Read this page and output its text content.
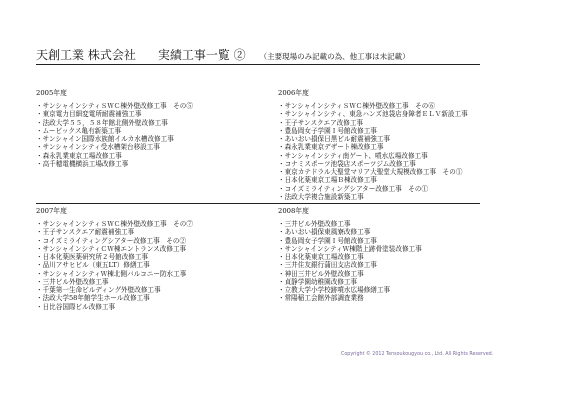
天創工業 株式会社 実績工事一覧 ② （主要現場のみ記載の為、他工事は未記載）
2005年度
・ サンシャインシティＳＷＣ棟外壁改修工事　その⑤
・ 東京電力目細変電所耐震補強工事
・ 法政大学５５，５８年館北側外壁改修工事
・ ムービックス亀有新築工事
・ サンシャイン国際水族館イルカ水槽改修工事
・ サンシャインシティ受水槽架台移設工事
・ 森永乳業東京工場改修工事
・ 高千穂電機横浜工場改修工事
2006年度
・ サンシャインシティＳＷＣ棟外壁改修工事　その⑥
・ サンシャインシティ、東急ハンズ池袋店身障者ＥＬＶ新設工事
・ 王子サンスクエア改修工事
・ 豊島岡女子学園Ｉ号館改修工事
・ あいおい損保日黒ビル耐震補強工事
・ 森永乳業東京デザート棟改修工事
・ サンシャインシティ南ゲート、噴水広場改修工事
・ コナミスポーツ池袋店スポーツジム改修工事
・ 東京カテドラル大聖堂マリア大聖堂大規模改修工事　その①
・ 日本化薬東京工場Ｂ棟改修工事
・ コイズミライティングシアター改修工事　その①
・ 法政大学複合施設新築工事
2007年度
・ サンシャインシティＳＷＣ棟外壁改修工事　その⑦
・ 王子サンスクエア耐震補強工事
・ コイズミライティングシアター改修工事　その②
・ サンシャインシティＣＷ棟エントランス改修工事
・ 日本化薬医薬研究所２号館改修工事
・ 品川アサヒビル（東五LT）修繕工事
・ サンシャインシティＷ棟北側バルコニー防水工事
・ 三井ビル外壁改修工事
・ 千葉第一生命ビルディング外壁改修工事
・ 法政大学58年館学生ホール改修工事
・ 日比谷国際ビル改修工事
2008年度
・ 三井ビル外壁改修工事
・ あいおい損保東風寮改修工事
・ 豊島岡女子学園Ｉ号館改修工事
・ サンシャインシティＷ棟階上跡骨塗装改修工事
・ 日本化薬東京工場改修工事
・ 三井住友銀行蒲田支店改修工事
・ 神田三井ビル外壁改修工事
・ 貞静学園幼稚園改修工事
・ 立教大学小学校跡噴水広場修繕工事
・ 常陽稲工会館外部調査業務
Copyright © 2012 Tensoukougyou co., Ltd. All Rights Reserved.
